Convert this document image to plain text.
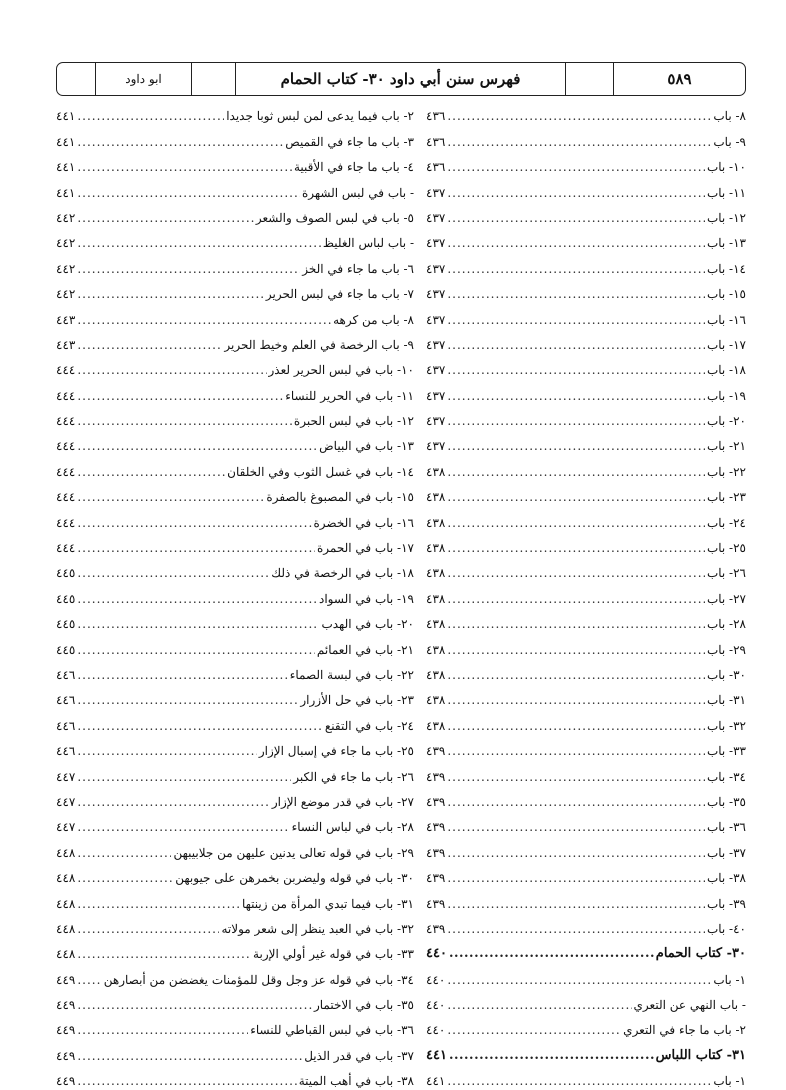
ابو داود	فهرس سنن أبي داود ٣٠- كتاب الحمام	٥٨٩
٨- باب
.....
٤٣٦
٩- باب
.....
٤٣٦
١٠- باب
.....
٤٣٦
١١- باب
.....
٤٣٧
١٢- باب
.....
٤٣٧
١٣- باب
.....
٤٣٧
١٤- باب
.....
٤٣٧
١٥- باب
.....
٤٣٧
١٦- باب
.....
٤٣٧
١٧- باب
.....
٤٣٧
١٨- باب
.....
٤٣٧
١٩- باب
.....
٤٣٧
٢٠- باب
.....
٤٣٧
٢١- باب
.....
٤٣٧
٢٢- باب
.....
٤٣٨
٢٣- باب
.....
٤٣٨
٢٤- باب
.....
٤٣٨
٢٥- باب
.....
٤٣٨
٢٦- باب
.....
٤٣٨
٢٧- باب
.....
٤٣٨
٢٨- باب
.....
٤٣٨
٢٩- باب
.....
٤٣٨
٣٠- باب
.....
٤٣٨
٣١- باب
.....
٤٣٨
٣٢- باب
.....
٤٣٨
٣٣- باب
.....
٤٣٩
٣٤- باب
.....
٤٣٩
٣٥- باب
.....
٤٣٩
٣٦- باب
.....
٤٣٩
٣٧- باب
.....
٤٣٩
٣٨- باب
.....
٤٣٩
٣٩- باب
.....
٤٣٩
٤٠- باب
.....
٤٣٩
٣٠- كتاب الحمام
.....
٤٤٠
١- باب
.....
٤٤٠
- باب النهي عن التعري
.....
٤٤٠
٢- باب ما جاء في التعري
.....
٤٤٠
٣١- كتاب اللباس
.....
٤٤١
١- باب
.....
٤٤١
٢- باب فيما يدعى لمن لبس ثوبا جديدا
.....
٤٤١
٣- باب ما جاء في القميص
.....
٤٤١
٤- باب ما جاء في الأقبية
.....
٤٤١
- باب في لبس الشهرة
.....
٤٤١
٥- باب في لبس الصوف والشعر
.....
٤٤٢
- باب لباس الغليظ
.....
٤٤٢
٦- باب ما جاء في الخز
.....
٤٤٢
٧- باب ما جاء في لبس الحرير
.....
٤٤٢
٨- باب من كرهه
.....
٤٤٣
٩- باب الرخصة في العلم وخيط الحرير
.....
٤٤٣
١٠- باب في لبس الحرير لعذر
.....
٤٤٤
١١- باب في الحرير للنساء
.....
٤٤٤
١٢- باب في لبس الحبرة
.....
٤٤٤
١٣- باب في البياض
.....
٤٤٤
١٤- باب في غسل الثوب وفي الخلقان
.....
٤٤٤
١٥- باب في المصبوغ بالصفرة
.....
٤٤٤
١٦- باب في الخضرة
.....
٤٤٤
١٧- باب في الحمرة
.....
٤٤٤
١٨- باب في الرخصة في ذلك
.....
٤٤٥
١٩- باب في السواد
.....
٤٤٥
٢٠- باب في الهدب
.....
٤٤٥
٢١- باب في العمائم
.....
٤٤٥
٢٢- باب في لبسة الصماء
.....
٤٤٦
٢٣- باب في حل الأزرار
.....
٤٤٦
٢٤- باب في التقنع
.....
٤٤٦
٢٥- باب ما جاء في إسبال الإزار
.....
٤٤٦
٢٦- باب ما جاء في الكبر
.....
٤٤٧
٢٧- باب في قدر موضع الإزار
.....
٤٤٧
٢٨- باب في لباس النساء
.....
٤٤٧
٢٩- باب في قوله تعالى يدنين عليهن من جلابيبهن
.....
٤٤٨
٣٠- باب في قوله وليضربن بخمرهن على جيوبهن
.....
٤٤٨
٣١- باب فيما تبدي المرأة من زينتها
.....
٤٤٨
٣٢- باب في العبد ينظر إلى شعر مولاته
.....
٤٤٨
٣٣- باب في قوله غير أولي الإربة
.....
٤٤٨
٣٤- باب في قوله عز وجل وقل للمؤمنات يغضضن من أبصارهن
.....
٤٤٩
٣٥- باب في الاختمار
.....
٤٤٩
٣٦- باب في لبس القباطي للنساء
.....
٤٤٩
٣٧- باب في قدر الذيل
.....
٤٤٩
٣٨- باب في أهب الميتة
.....
٤٤٩
